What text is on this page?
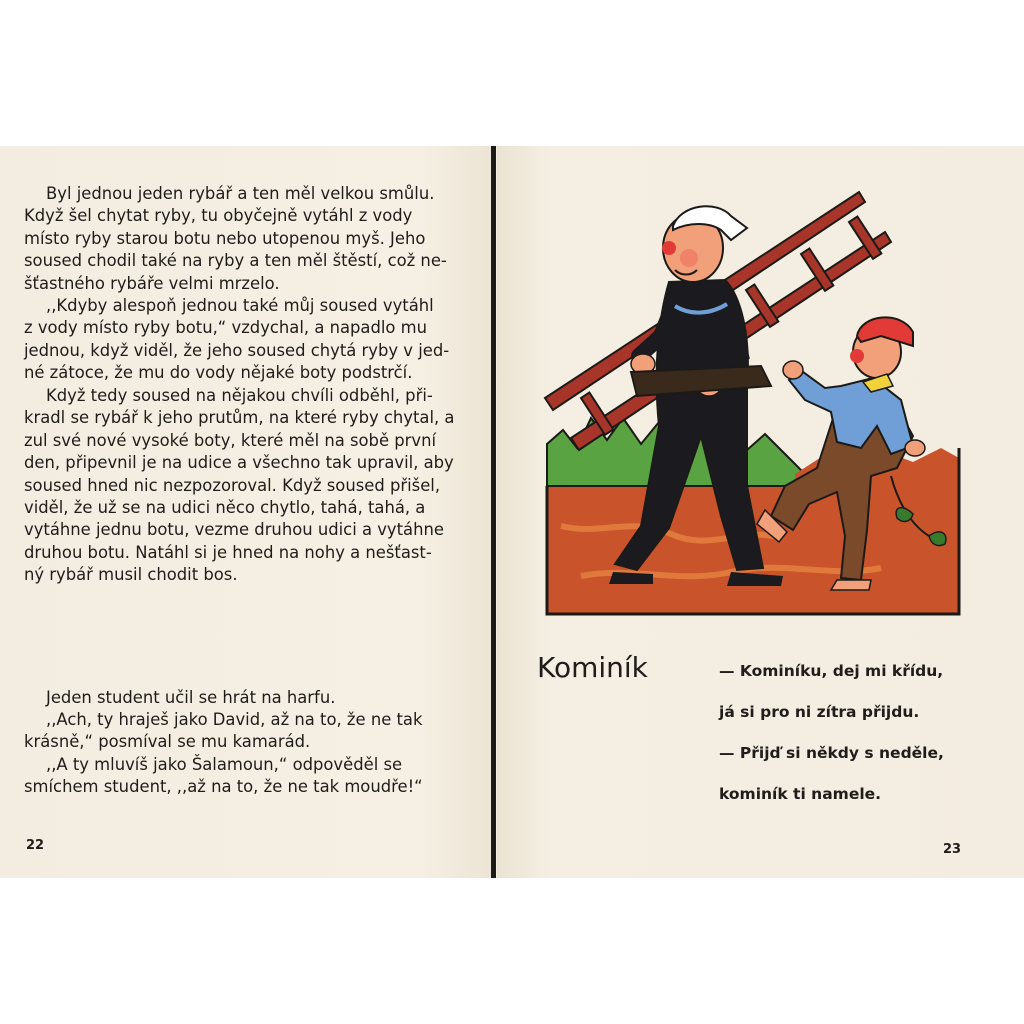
Byl jednou jeden rybář a ten měl velkou smůlu.
Když šel chytat ryby, tu obyčejně vytáhl z vody
místo ryby starou botu nebo utopenou myš. Jeho
soused chodil také na ryby a ten měl štěstí, což ne-
šťastného rybáře velmi mrzelo.
,,Kdyby alespoň jednou také můj soused vytáhl
z vody místo ryby botu,“ vzdychal, a napadlo mu
jednou, když viděl, že jeho soused chytá ryby v jed-
né zátoce, že mu do vody nějaké boty podstrčí.
Když tedy soused na nějakou chvíli odběhl, při-
kradl se rybář k jeho prutům, na které ryby chytal, a
zul své nové vysoké boty, které měl na sobě první
den, připevnil je na udice a všechno tak upravil, aby
soused hned nic nezpozoroval. Když soused přišel,
viděl, že už se na udici něco chytlo, tahá, tahá, a
vytáhne jednu botu, vezme druhou udici a vytáhne
druhou botu. Natáhl si je hned na nohy a nešťast-
ný rybář musil chodit bos.
Jeden student učil se hrát na harfu.
,,Ach, ty hraješ jako David, až na to, že ne tak
krásně,“ posmíval se mu kamarád.
,,A ty mluvíš jako Šalamoun,“ odpověděl se
smíchem student, ,,až na to, že ne tak moudře!“
22
Kominík	— Kominíku, dej mi křídu,
já si pro ni zítra přijdu.
— Přijď si někdy s neděle,
kominík ti namele.
23
